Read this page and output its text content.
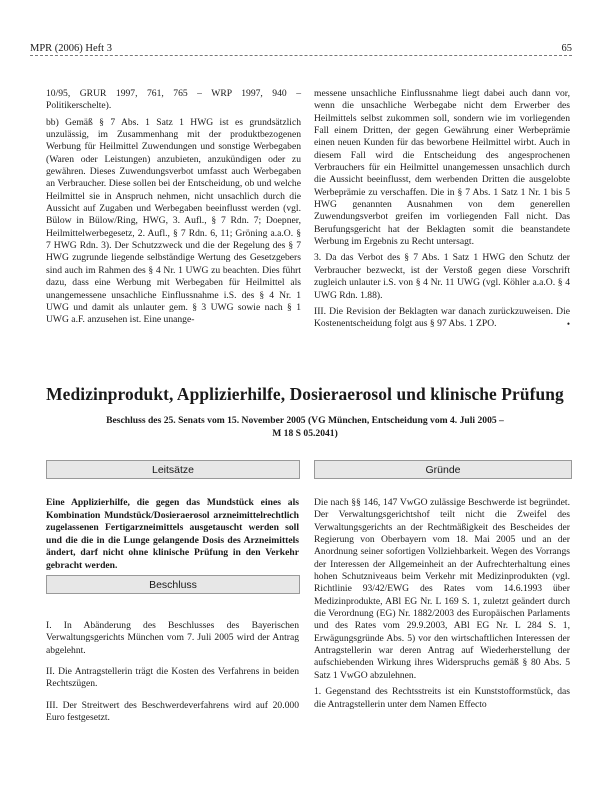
MPR (2006) Heft 3	65

10/95, GRUR 1997, 761, 765 – WRP 1997, 940 – Politikerschelte).

bb) Gemäß § 7 Abs. 1 Satz 1 HWG ist es grundsätzlich unzulässig, im Zusammenhang mit der produktbezogenen Werbung für Heilmittel Zuwendungen und sonstige Werbegaben (Waren oder Leistungen) anzubieten, anzukündigen oder zu gewähren. Dieses Zuwendungsverbot umfasst auch Werbegaben an Verbraucher. Diese sollen bei der Entscheidung, ob und welche Heilmittel sie in Anspruch nehmen, nicht unsachlich durch die Aussicht auf Zugaben und Werbegaben beeinflusst werden (vgl. Bülow in Bülow/Ring, HWG, 3. Aufl., § 7 Rdn. 7; Doepner, Heilmittelwerbegesetz, 2. Aufl., § 7 Rdn. 6, 11; Gröning a.a.O. § 7 HWG Rdn. 3). Der Schutzzweck und die der Regelung des § 7 HWG zugrunde liegende selbständige Wertung des Gesetzgebers sind auch im Rahmen des § 4 Nr. 1 UWG zu beachten. Dies führt dazu, dass eine Werbung mit Werbegaben für Heilmittel als unangemessene unsachliche Einflussnahme i.S. des § 4 Nr. 1 UWG und damit als unlauter gem. § 3 UWG sowie nach § 1 UWG a.F. anzusehen ist. Eine unange-

messene unsachliche Einflussnahme liegt dabei auch dann vor, wenn die unsachliche Werbegabe nicht dem Erwerber des Heilmittels selbst zukommen soll, sondern wie im vorliegenden Fall einem Dritten, der gegen Gewährung einer Werbeprämie einen neuen Kunden für das beworbene Heilmittel wirbt. Auch in diesem Fall wird die Entscheidung des angesprochenen Verbrauchers für ein Heilmittel unangemessen unsachlich durch die Aussicht beeinflusst, dem werbenden Dritten die ausgelobte Werbeprämie zu verschaffen. Die in § 7 Abs. 1 Satz 1 Nr. 1 bis 5 HWG genannten Ausnahmen von dem generellen Zuwendungsverbot greifen im vorliegenden Fall nicht. Das Berufungsgericht hat der Beklagten somit die beanstandete Werbung im Ergebnis zu Recht untersagt.

3. Da das Verbot des § 7 Abs. 1 Satz 1 HWG den Schutz der Verbraucher bezweckt, ist der Verstoß gegen diese Vorschrift zugleich unlauter i.S. von § 4 Nr. 11 UWG (vgl. Köhler a.a.O. § 4 UWG Rdn. 1.88).

III. Die Revision der Beklagten war danach zurückzuweisen. Die Kostenentscheidung folgt aus § 97 Abs. 1 ZPO.	•

Medizinprodukt, Applizierhilfe, Dosieraerosol und klinische Prüfung
Beschluss des 25. Senats vom 15. November 2005 (VG München, Entscheidung vom 4. Juli 2005 –
M 18 S 05.2041)
Leitsätze	Gründe
Eine Applizierhilfe, die gegen das Mundstück eines als Kombination Mundstück/Dosieraerosol arzneimittelrechtlich zugelassenen Fertigarzneimittels ausgetauscht werden soll und die die in die Lunge gelangende Dosis des Arzneimittels ändert, darf nicht ohne klinische Prüfung in den Verkehr gebracht werden.
Beschluss

I. In Abänderung des Beschlusses des Bayerischen Verwaltungsgerichts München vom 7. Juli 2005 wird der Antrag abgelehnt.

II. Die Antragstellerin trägt die Kosten des Verfahrens in beiden Rechtszügen.

III. Der Streitwert des Beschwerdeverfahrens wird auf 20.000 Euro festgesetzt.

Die nach §§ 146, 147 VwGO zulässige Beschwerde ist begründet. Der Verwaltungsgerichtshof teilt nicht die Zweifel des Verwaltungsgerichts an der Rechtmäßigkeit des Bescheides der Regierung von Oberbayern vom 18. Mai 2005 und an der Anordnung seiner sofortigen Vollziehbarkeit. Wegen des Vorrangs der Interessen der Allgemeinheit an der Aufrechterhaltung eines hohen Schutzniveaus beim Verkehr mit Medizinprodukten (vgl. Richtlinie 93/42/EWG des Rates vom 14.6.1993 über Medizinprodukte, ABl EG Nr. L 169 S. 1, zuletzt geändert durch die Verordnung (EG) Nr. 1882/2003 des Europäischen Parlaments und des Rates vom 29.9.2003, ABl EG Nr. L 284 S. 1, Erwägungsgründe Abs. 5) vor den wirtschaftlichen Interessen der Antragstellerin war deren Antrag auf Wiederherstellung der aufschiebenden Wirkung ihres Widerspruchs gemäß § 80 Abs. 5 Satz 1 VwGO abzulehnen.

1. Gegenstand des Rechtsstreits ist ein Kunststofformstück, das die Antragstellerin unter dem Namen Effecto
